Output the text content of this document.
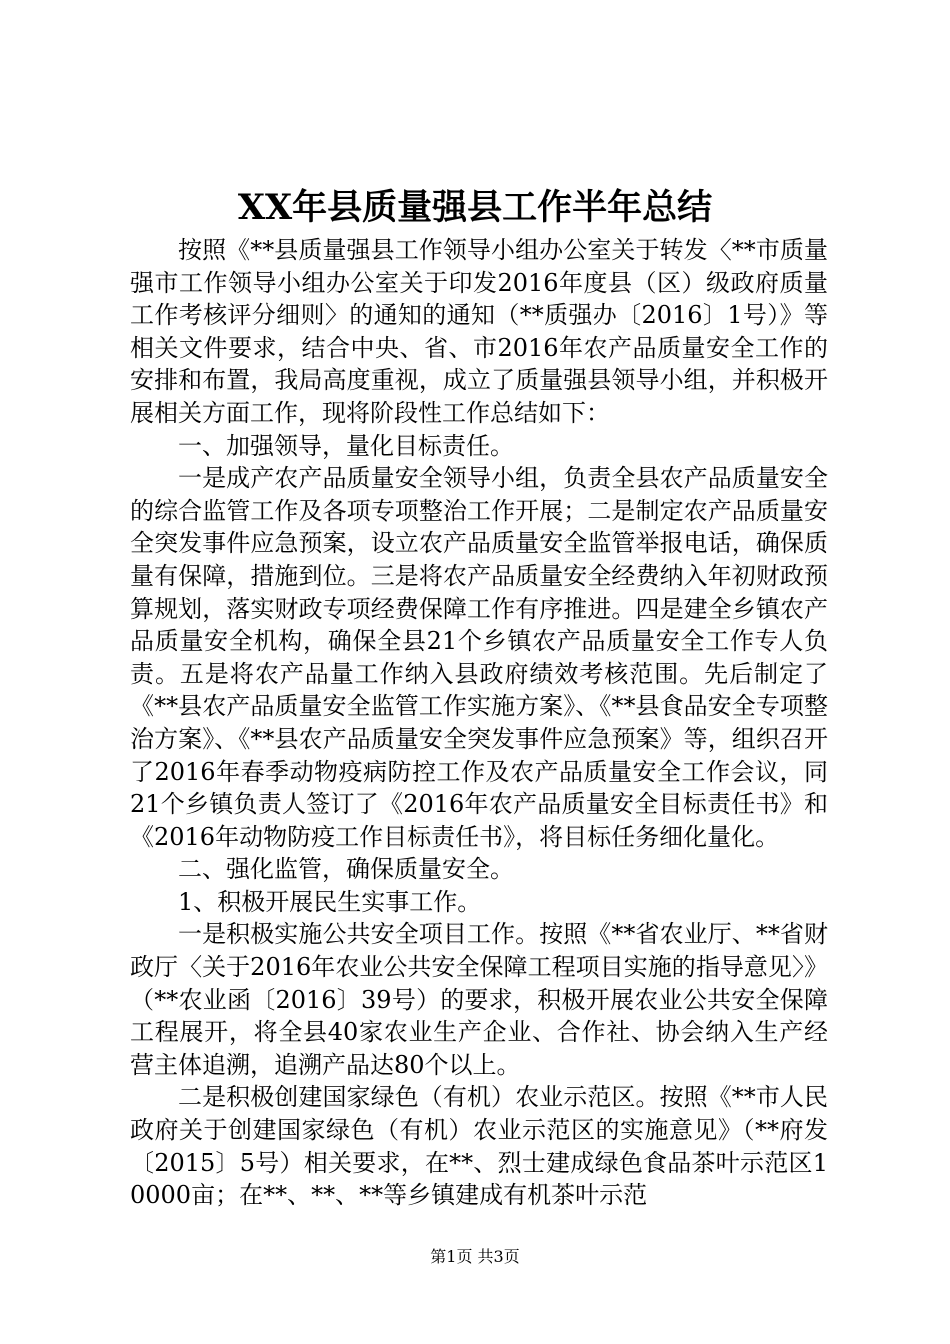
XX年县质量强县工作半年总结

按照《**县质量强县工作领导小组办公室关于转发〈**市质量强市工作领导小组办公室关于印发2016年度县（区）级政府质量工作考核评分细则〉的通知的通知（**质强办〔2016〕1号）》等相关文件要求，结合中央、省、市2016年农产品质量安全工作的安排和布置，我局高度重视，成立了质量强县领导小组，并积极开展相关方面工作，现将阶段性工作总结如下：

一、加强领导，量化目标责任。

一是成产农产品质量安全领导小组，负责全县农产品质量安全的综合监管工作及各项专项整治工作开展；二是制定农产品质量安全突发事件应急预案，设立农产品质量安全监管举报电话，确保质量有保障，措施到位。三是将农产品质量安全经费纳入年初财政预算规划，落实财政专项经费保障工作有序推进。四是建全乡镇农产品质量安全机构，确保全县21个乡镇农产品质量安全工作专人负责。五是将农产品量工作纳入县政府绩效考核范围。先后制定了《**县农产品质量安全监管工作实施方案》、《**县食品安全专项整治方案》、《**县农产品质量安全突发事件应急预案》等，组织召开了2016年春季动物疫病防控工作及农产品质量安全工作会议，同21个乡镇负责人签订了《2016年农产品质量安全目标责任书》和《2016年动物防疫工作目标责任书》，将目标任务细化量化。

二、强化监管，确保质量安全。

1、积极开展民生实事工作。

一是积极实施公共安全项目工作。按照《**省农业厅、**省财政厅〈关于2016年农业公共安全保障工程项目实施的指导意见〉》（**农业函〔2016〕39号）的要求，积极开展农业公共安全保障工程展开，将全县40家农业生产企业、合作社、协会纳入生产经营主体追溯，追溯产品达80个以上。

二是积极创建国家绿色（有机）农业示范区。按照《**市人民政府关于创建国家绿色（有机）农业示范区的实施意见》（**府发〔2015〕5号）相关要求，在**、烈士建成绿色食品茶叶示范区10000亩；在**、**、**等乡镇建成有机茶叶示范

第1页 共3页
